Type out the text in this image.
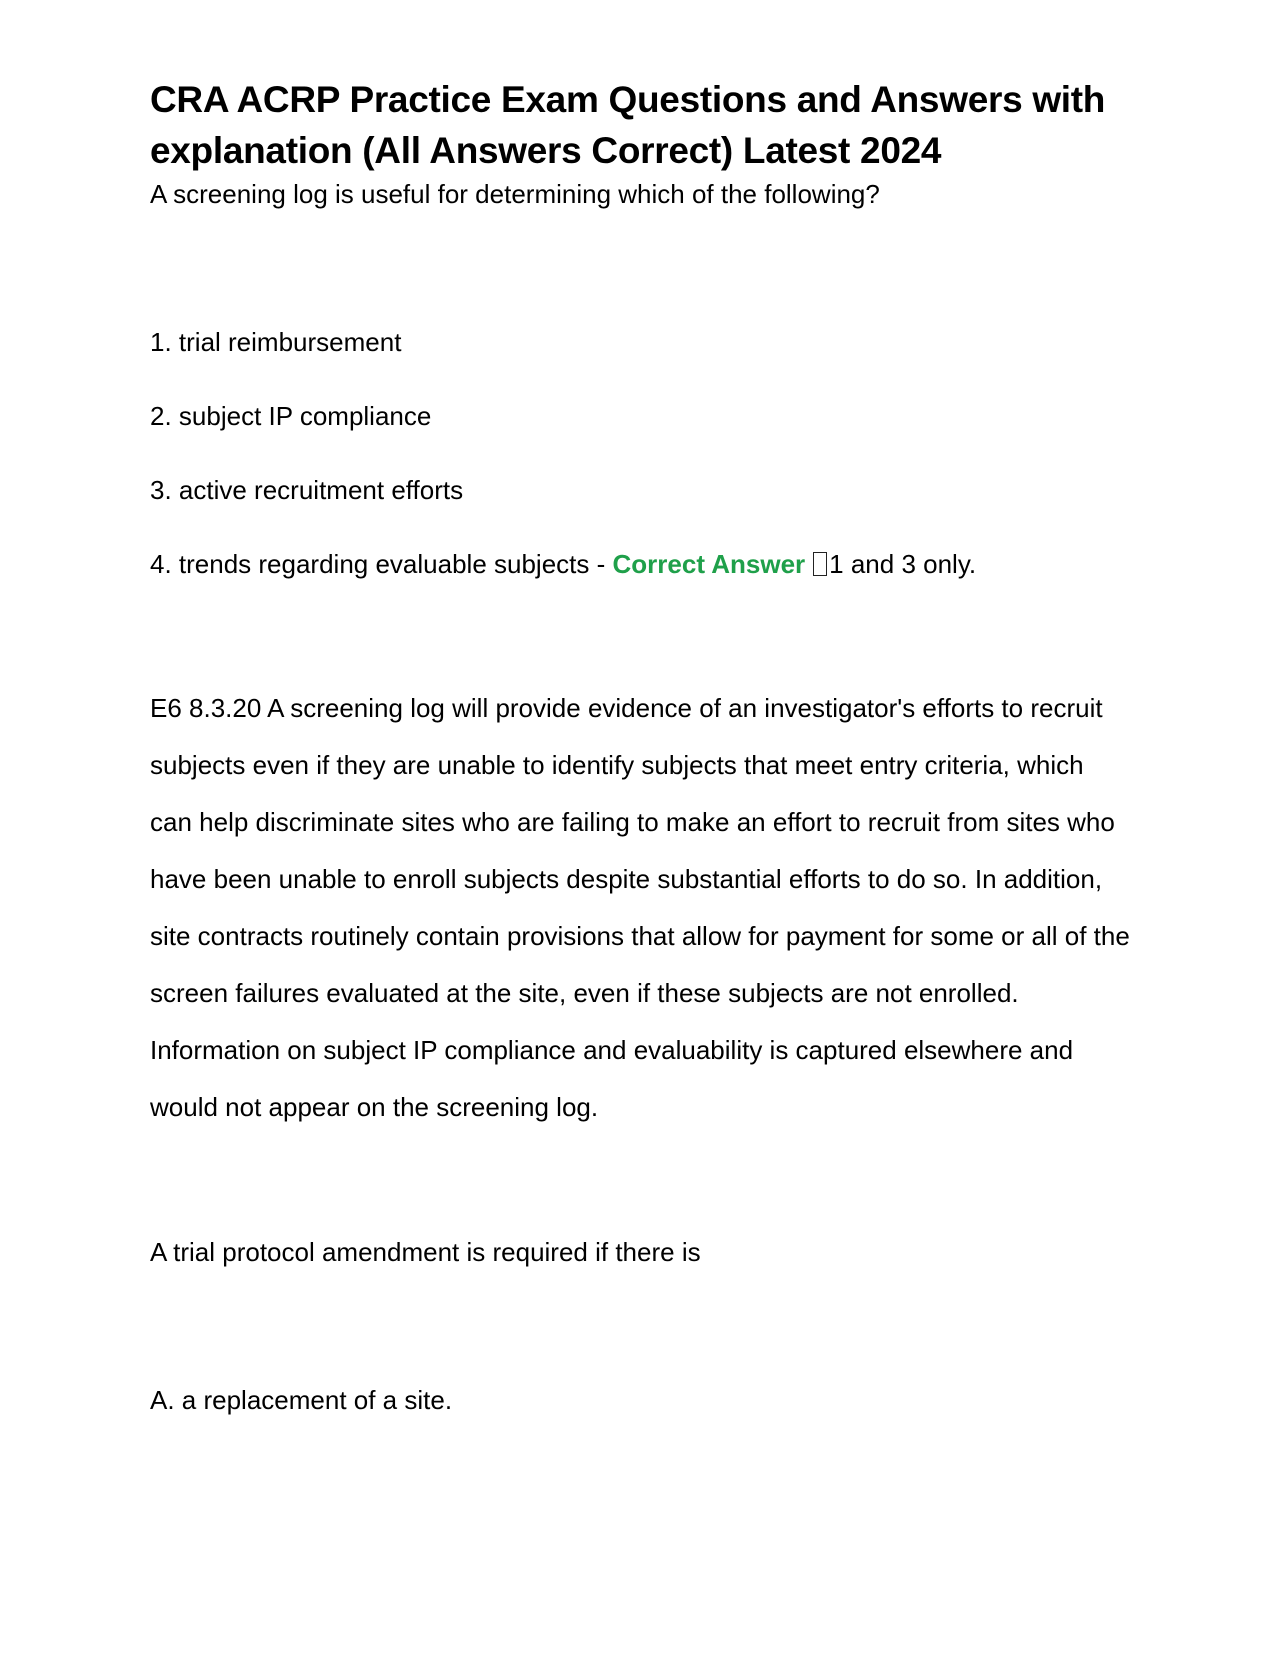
CRA ACRP Practice Exam Questions and Answers with explanation (All Answers Correct) Latest 2024

A screening log is useful for determining which of the following?

1. trial reimbursement

2. subject IP compliance

3. active recruitment efforts

4. trends regarding evaluable subjects - Correct Answer 1 and 3 only.

E6 8.3.20 A screening log will provide evidence of an investigator's efforts to recruit subjects even if they are unable to identify subjects that meet entry criteria, which can help discriminate sites who are failing to make an effort to recruit from sites who have been unable to enroll subjects despite substantial efforts to do so. In addition, site contracts routinely contain provisions that allow for payment for some or all of the screen failures evaluated at the site, even if these subjects are not enrolled. Information on subject IP compliance and evaluability is captured elsewhere and would not appear on the screening log.

A trial protocol amendment is required if there is

A. a replacement of a site.
